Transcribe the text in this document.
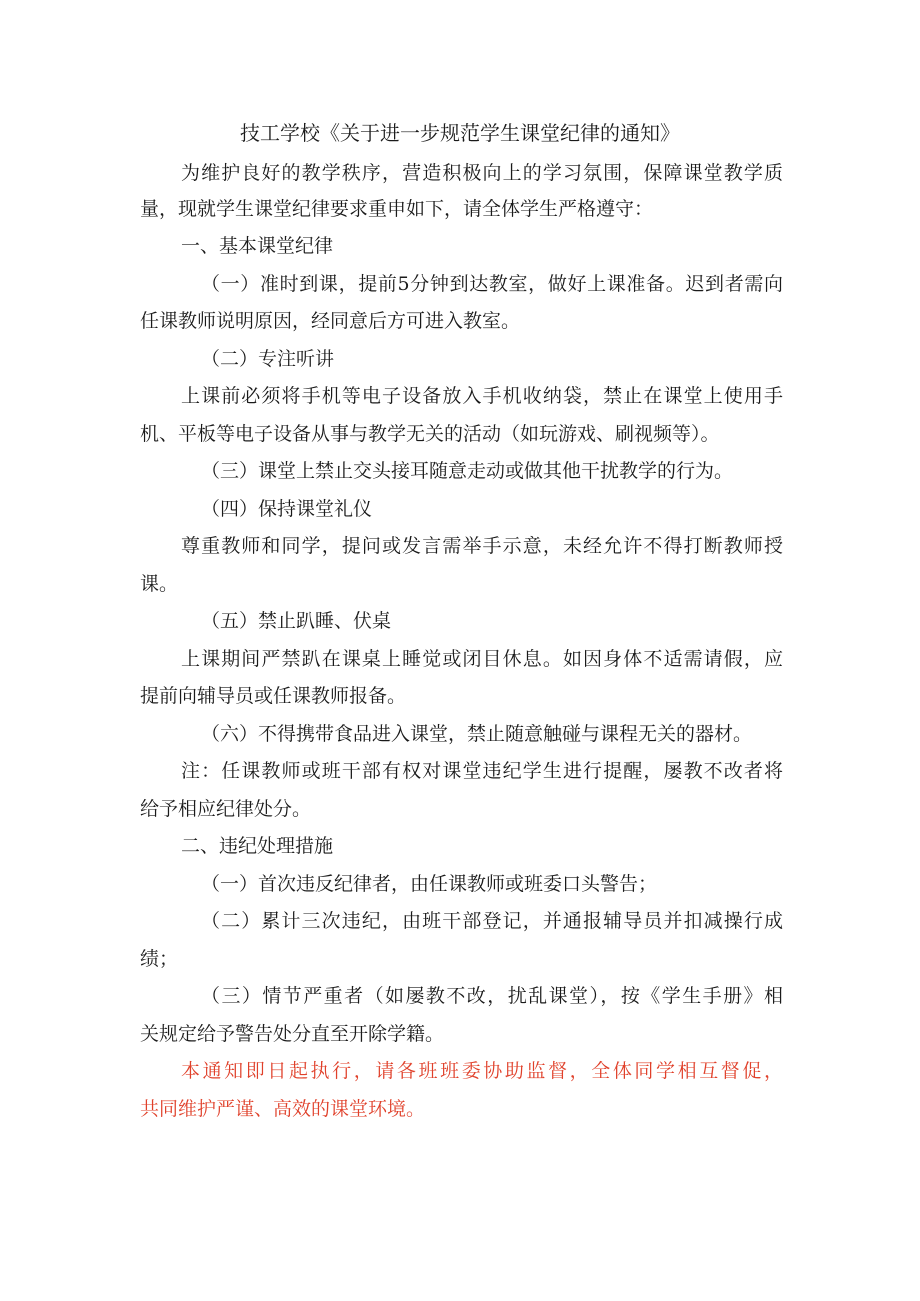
技工学校《关于进一步规范学生课堂纪律的通知》
为维护良好的教学秩序，营造积极向上的学习氛围，保障课堂教学质
量，现就学生课堂纪律要求重申如下，请全体学生严格遵守：
一、基本课堂纪律
（一）准时到课，提前5分钟到达教室，做好上课准备。迟到者需向
任课教师说明原因，经同意后方可进入教室。
（二）专注听讲
上课前必须将手机等电子设备放入手机收纳袋，禁止在课堂上使用手
机、平板等电子设备从事与教学无关的活动（如玩游戏、刷视频等）。
（三）课堂上禁止交头接耳随意走动或做其他干扰教学的行为。
（四）保持课堂礼仪
尊重教师和同学，提问或发言需举手示意，未经允许不得打断教师授
课。
（五）禁止趴睡、伏桌
上课期间严禁趴在课桌上睡觉或闭目休息。如因身体不适需请假，应
提前向辅导员或任课教师报备。
（六）不得携带食品进入课堂，禁止随意触碰与课程无关的器材。
注：任课教师或班干部有权对课堂违纪学生进行提醒，屡教不改者将
给予相应纪律处分。
二、违纪处理措施
（一）首次违反纪律者，由任课教师或班委口头警告；
（二）累计三次违纪，由班干部登记，并通报辅导员并扣减操行成
绩；
（三）情节严重者（如屡教不改，扰乱课堂），按《学生手册》相
关规定给予警告处分直至开除学籍。
本通知即日起执行，请各班班委协助监督，全体同学相互督促，
共同维护严谨、高效的课堂环境。
